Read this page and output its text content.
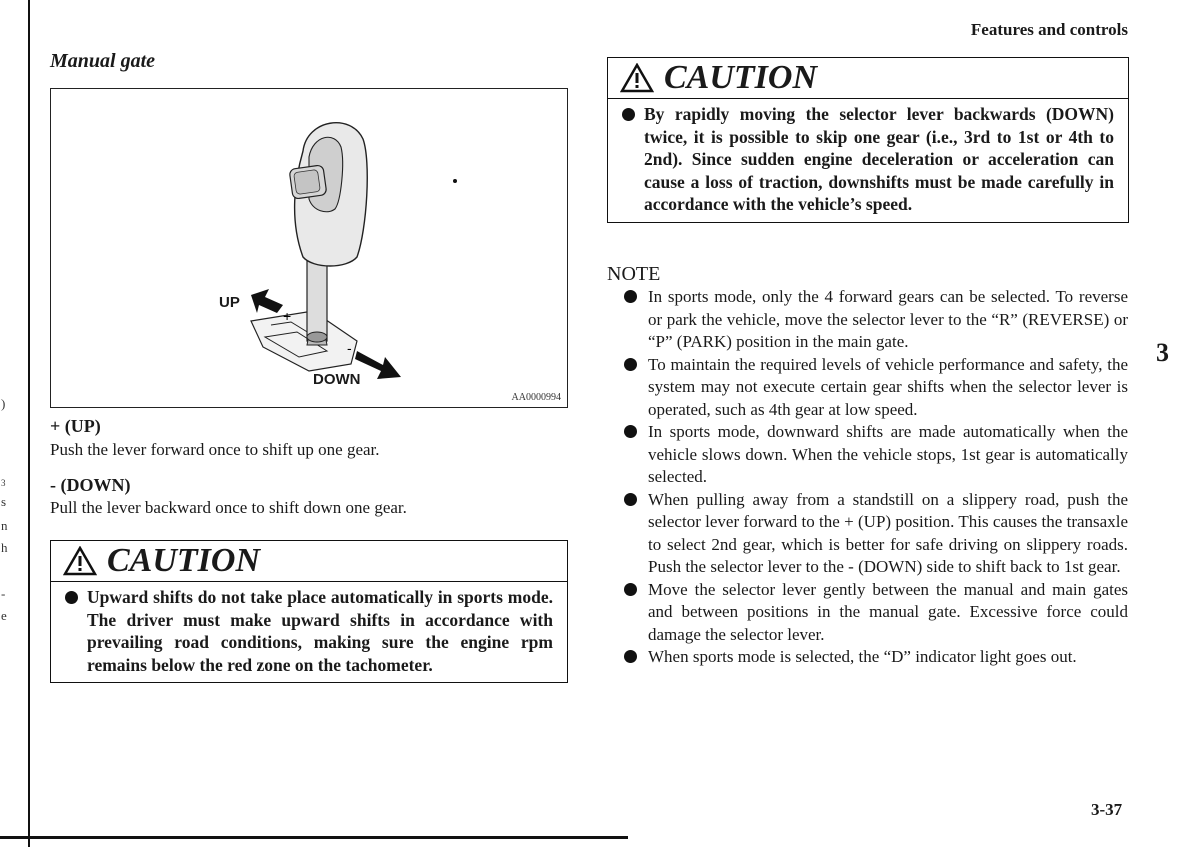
)
3
s
n
h
-
e
Features and controls
Manual gate
+
-
UP
DOWN
AA0000994
+ (UP)
Push the lever forward once to shift up one gear.
- (DOWN)
Pull the lever backward once to shift down one gear.
CAUTION
Upward shifts do not take place automatically in sports mode. The driver must make upward shifts in accordance with prevailing road conditions, making sure the engine rpm remains below the red zone on the tachometer.
CAUTION
By rapidly moving the selector lever backwards (DOWN) twice, it is possible to skip one gear (i.e., 3rd to 1st or 4th to 2nd). Since sudden engine deceleration or acceleration can cause a loss of traction, downshifts must be made carefully in accordance with the vehicle’s speed.
NOTE
In sports mode, only the 4 forward gears can be selected. To reverse or park the vehicle, move the selector lever to the “R” (REVERSE) or “P” (PARK) position in the main gate.
To maintain the required levels of vehicle performance and safety, the system may not execute certain gear shifts when the selector lever is operated, such as 4th gear at low speed.
In sports mode, downward shifts are made automatically when the vehicle slows down. When the vehicle stops, 1st gear is automatically selected.
When pulling away from a standstill on a slippery road, push the selector lever forward to the + (UP) position. This causes the transaxle to select 2nd gear, which is better for safe driving on slippery roads. Push the selector lever to the - (DOWN) side to shift back to 1st gear.
Move the selector lever gently between the manual and main gates and between positions in the manual gate. Excessive force could damage the selector lever.
When sports mode is selected, the “D” indicator light goes out.
3
3-37
